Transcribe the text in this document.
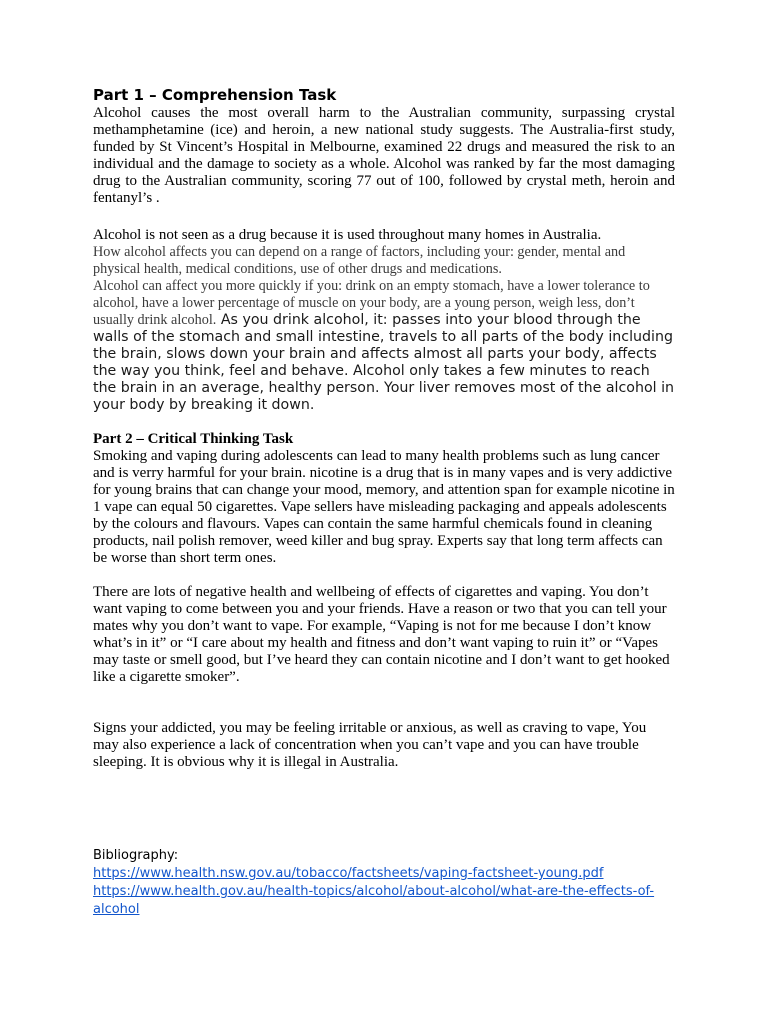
Part 1 – Comprehension Task

Alcohol causes the most overall harm to the Australian community, surpassing crystal methamphetamine (ice) and heroin, a new national study suggests. The Australia-first study, funded by St Vincent’s Hospital in Melbourne, examined 22 drugs and measured the risk to an individual and the damage to society as a whole. Alcohol was ranked by far the most damaging drug to the Australian community, scoring 77 out of 100, followed by crystal meth, heroin and fentanyl’s .

Alcohol is not seen as a drug because it is used throughout many homes in Australia.
How alcohol affects you can depend on a range of factors, including your: gender, mental and physical health, medical conditions, use of other drugs and medications.
Alcohol can affect you more quickly if you: drink on an empty stomach, have a lower tolerance to alcohol, have a lower percentage of muscle on your body, are a young person, weigh less, don’t usually drink alcohol. As you drink alcohol, it: passes into your blood through the walls of the stomach and small intestine, travels to all parts of the body including the brain, slows down your brain and affects almost all parts your body, affects the way you think, feel and behave. Alcohol only takes a few minutes to reach the brain in an average, healthy person. Your liver removes most of the alcohol in your body by breaking it down.

Part 2 – Critical Thinking Task

Smoking and vaping during adolescents can lead to many health problems such as lung cancer and is verry harmful for your brain. nicotine is a drug that is in many vapes and is very addictive for young brains that can change your mood, memory, and attention span for example nicotine in 1 vape can equal 50 cigarettes. Vape sellers have misleading packaging and appeals adolescents by the colours and flavours. Vapes can contain the same harmful chemicals found in cleaning products, nail polish remover, weed killer and bug spray. Experts say that long term affects can be worse than short term ones.

There are lots of negative health and wellbeing of effects of cigarettes and vaping. You don’t want vaping to come between you and your friends. Have a reason or two that you can tell your mates why you don’t want to vape. For example, “Vaping is not for me because I don’t know what’s in it” or “I care about my health and fitness and don’t want vaping to ruin it” or “Vapes may taste or smell good, but I’ve heard they can contain nicotine and I don’t want to get hooked like a cigarette smoker”.

Signs your addicted, you may be feeling irritable or anxious, as well as craving to vape, You may also experience a lack of concentration when you can’t vape and you can have trouble sleeping. It is obvious why it is illegal in Australia.

Bibliography:
https://www.health.nsw.gov.au/tobacco/factsheets/vaping-factsheet-young.pdf
https://www.health.gov.au/health-topics/alcohol/about-alcohol/what-are-the-effects-of-alcohol
